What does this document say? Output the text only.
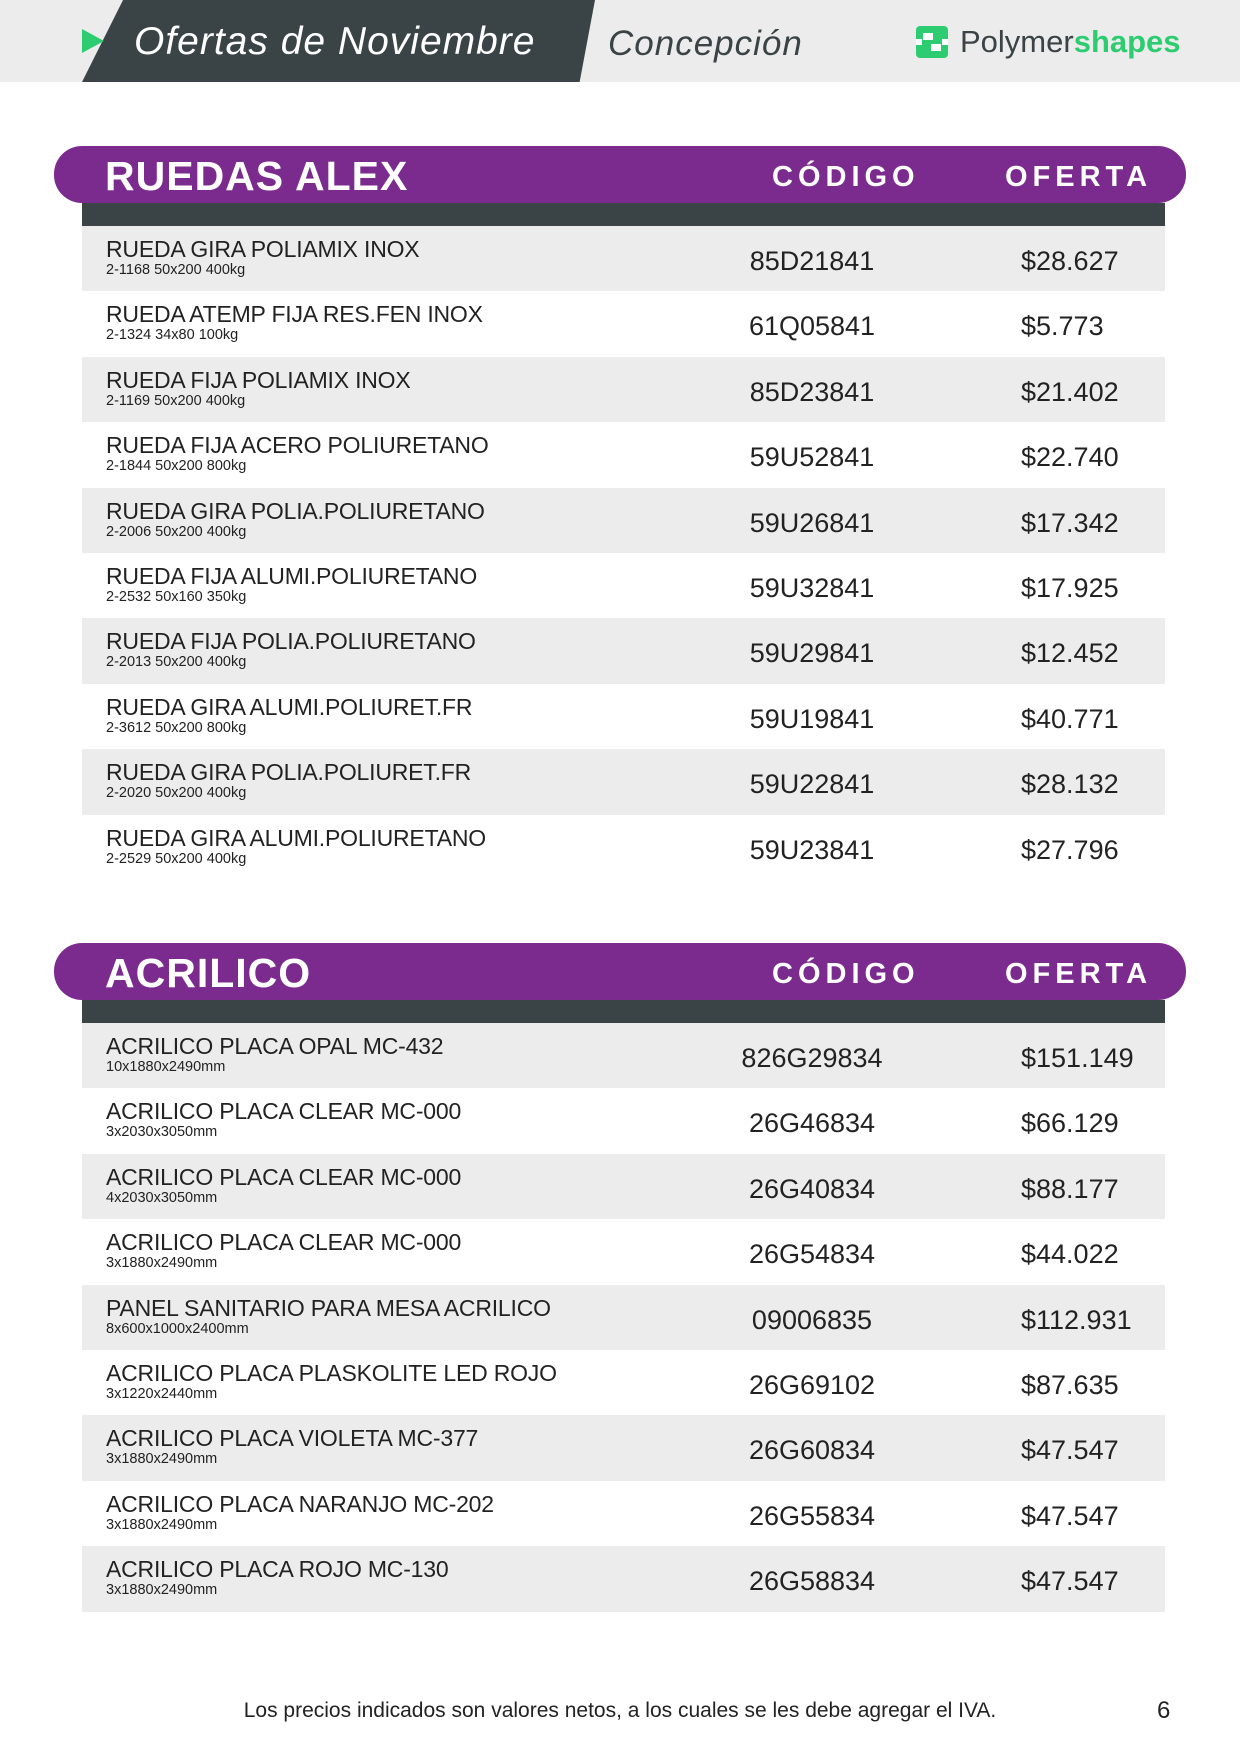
Ofertas de Noviembre Concepción	Polymershapes
RUEDAS ALEX	CÓDIGO	OFERTA
RUEDA GIRA POLIAMIX INOX
2-1168 50x200 400kg	85D21841	$28.627
RUEDA ATEMP FIJA RES.FEN INOX
2-1324 34x80 100kg	61Q05841	$5.773
RUEDA FIJA POLIAMIX INOX
2-1169 50x200 400kg	85D23841	$21.402
RUEDA FIJA ACERO POLIURETANO
2-1844 50x200 800kg	59U52841	$22.740
RUEDA GIRA POLIA.POLIURETANO
2-2006 50x200 400kg	59U26841	$17.342
RUEDA FIJA ALUMI.POLIURETANO
2-2532 50x160 350kg	59U32841	$17.925
RUEDA FIJA POLIA.POLIURETANO
2-2013 50x200 400kg	59U29841	$12.452
RUEDA GIRA ALUMI.POLIURET.FR
2-3612 50x200 800kg	59U19841	$40.771
RUEDA GIRA POLIA.POLIURET.FR
2-2020 50x200 400kg	59U22841	$28.132
RUEDA GIRA ALUMI.POLIURETANO
2-2529 50x200 400kg	59U23841	$27.796
ACRILICO	CÓDIGO	OFERTA
ACRILICO PLACA OPAL MC-432
10x1880x2490mm	826G29834	$151.149
ACRILICO PLACA CLEAR MC-000
3x2030x3050mm	26G46834	$66.129
ACRILICO PLACA CLEAR MC-000
4x2030x3050mm	26G40834	$88.177
ACRILICO PLACA CLEAR MC-000
3x1880x2490mm	26G54834	$44.022
PANEL SANITARIO PARA MESA ACRILICO
8x600x1000x2400mm	09006835	$112.931
ACRILICO PLACA PLASKOLITE LED ROJO
3x1220x2440mm	26G69102	$87.635
ACRILICO PLACA VIOLETA MC-377
3x1880x2490mm	26G60834	$47.547
ACRILICO PLACA NARANJO MC-202
3x1880x2490mm	26G55834	$47.547
ACRILICO PLACA ROJO MC-130
3x1880x2490mm	26G58834	$47.547
Los precios indicados son valores netos, a los cuales se les debe agregar el IVA.	6
